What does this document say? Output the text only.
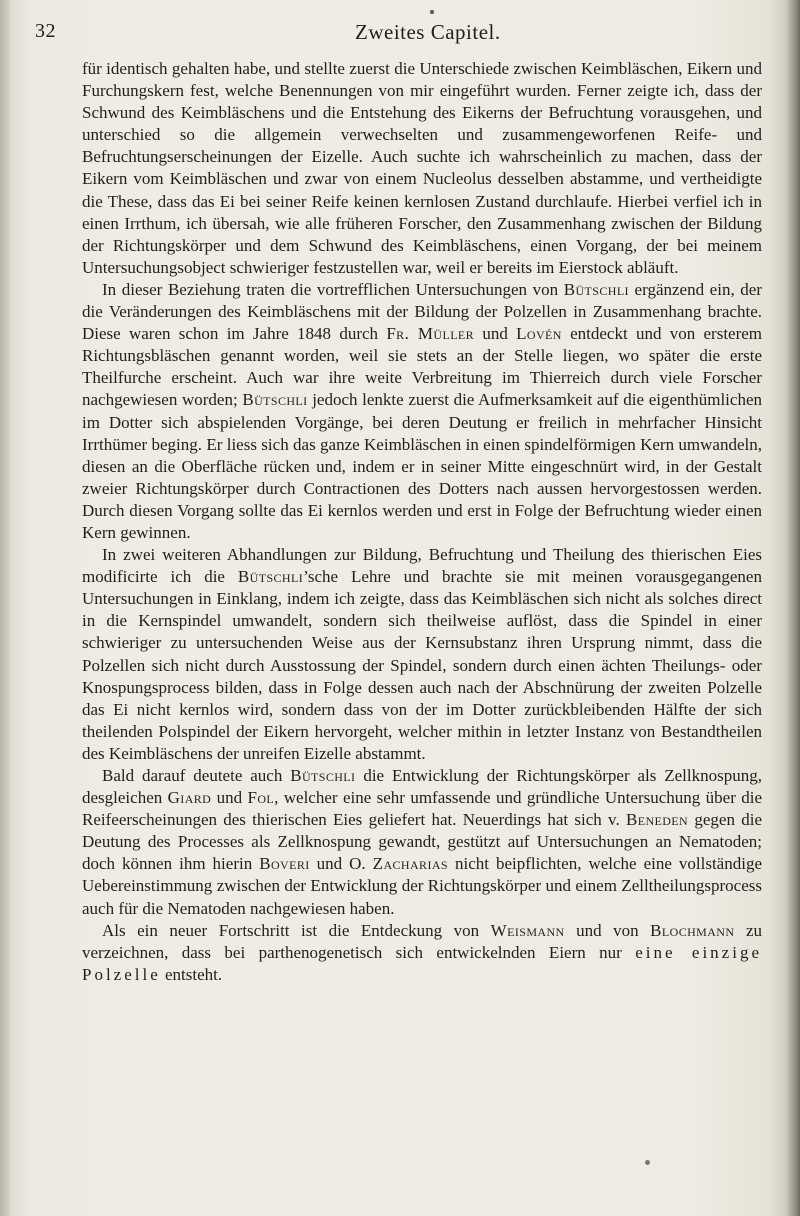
32	Zweites Capitel.

für identisch gehalten habe, und stellte zuerst die Unterschiede zwischen Keimbläschen, Eikern und Furchungskern fest, welche Benennungen von mir eingeführt wurden. Ferner zeigte ich, dass der Schwund des Keimbläschens und die Entstehung des Eikerns der Befruchtung vorausgehen, und unterschied so die allgemein verwechselten und zusammengeworfenen Reife- und Befruchtungserscheinungen der Eizelle. Auch suchte ich wahrscheinlich zu machen, dass der Eikern vom Keimbläschen und zwar von einem Nucleolus desselben abstamme, und vertheidigte die These, dass das Ei bei seiner Reife keinen kernlosen Zustand durchlaufe. Hierbei verfiel ich in einen Irrthum, ich übersah, wie alle früheren Forscher, den Zusammenhang zwischen der Bildung der Richtungskörper und dem Schwund des Keimbläschens, einen Vorgang, der bei meinem Untersuchungsobject schwieriger festzustellen war, weil er bereits im Eierstock abläuft.

In dieser Beziehung traten die vortrefflichen Untersuchungen von Bütschli ergänzend ein, der die Veränderungen des Keimbläschens mit der Bildung der Polzellen in Zusammenhang brachte. Diese waren schon im Jahre 1848 durch Fr. Müller und Lovén entdeckt und von ersterem Richtungsbläschen genannt worden, weil sie stets an der Stelle liegen, wo später die erste Theilfurche erscheint. Auch war ihre weite Verbreitung im Thierreich durch viele Forscher nachgewiesen worden; Bütschli jedoch lenkte zuerst die Aufmerksamkeit auf die eigenthümlichen im Dotter sich abspielenden Vorgänge, bei deren Deutung er freilich in mehrfacher Hinsicht Irrthümer beging. Er liess sich das ganze Keimbläschen in einen spindelförmigen Kern umwandeln, diesen an die Oberfläche rücken und, indem er in seiner Mitte eingeschnürt wird, in der Gestalt zweier Richtungskörper durch Contractionen des Dotters nach aussen hervorgestossen werden. Durch diesen Vorgang sollte das Ei kernlos werden und erst in Folge der Befruchtung wieder einen Kern gewinnen.

In zwei weiteren Abhandlungen zur Bildung, Befruchtung und Theilung des thierischen Eies modificirte ich die Bütschli’sche Lehre und brachte sie mit meinen vorausgegangenen Untersuchungen in Einklang, indem ich zeigte, dass das Keimbläschen sich nicht als solches direct in die Kernspindel umwandelt, sondern sich theilweise auflöst, dass die Spindel in einer schwieriger zu untersuchenden Weise aus der Kernsubstanz ihren Ursprung nimmt, dass die Polzellen sich nicht durch Ausstossung der Spindel, sondern durch einen ächten Theilungs- oder Knospungsprocess bilden, dass in Folge dessen auch nach der Abschnürung der zweiten Polzelle das Ei nicht kernlos wird, sondern dass von der im Dotter zurückbleibenden Hälfte der sich theilenden Polspindel der Eikern hervorgeht, welcher mithin in letzter Instanz von Bestandtheilen des Keimbläschens der unreifen Eizelle abstammt.

Bald darauf deutete auch Bütschli die Entwicklung der Richtungskörper als Zellknospung, desgleichen Giard und Fol, welcher eine sehr umfassende und gründliche Untersuchung über die Reifeerscheinungen des thierischen Eies geliefert hat. Neuerdings hat sich v. Beneden gegen die Deutung des Processes als Zellknospung gewandt, gestützt auf Untersuchungen an Nematoden; doch können ihm hierin Boveri und O. Zacharias nicht beipflichten, welche eine vollständige Uebereinstimmung zwischen der Entwicklung der Richtungskörper und einem Zelltheilungsprocess auch für die Nematoden nachgewiesen haben.

Als ein neuer Fortschritt ist die Entdeckung von Weismann und von Blochmann zu verzeichnen, dass bei parthenogenetisch sich entwickelnden Eiern nur eine einzige Polzelle entsteht.
